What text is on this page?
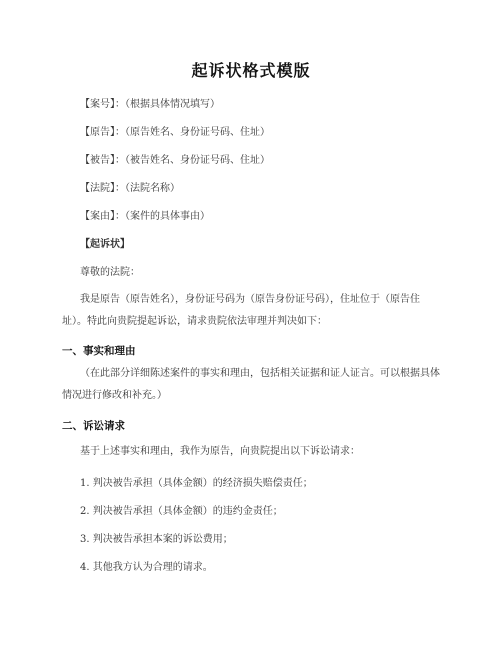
起诉状格式模版
【案号】：（根据具体情况填写）
【原告】：（原告姓名、身份证号码、住址）
【被告】：（被告姓名、身份证号码、住址）
【法院】：（法院名称）
【案由】：（案件的具体事由）
【起诉状】
尊敬的法院：
我是原告（原告姓名），身份证号码为（原告身份证号码），住址位于（原告住址）。特此向贵院提起诉讼，请求贵院依法审理并判决如下：
一、事实和理由
（在此部分详细陈述案件的事实和理由，包括相关证据和证人证言。可以根据具体情况进行修改和补充。）
二、诉讼请求
基于上述事实和理由，我作为原告，向贵院提出以下诉讼请求：
1. 判决被告承担（具体金额）的经济损失赔偿责任；
2. 判决被告承担（具体金额）的违约金责任；
3. 判决被告承担本案的诉讼费用；
4. 其他我方认为合理的请求。
